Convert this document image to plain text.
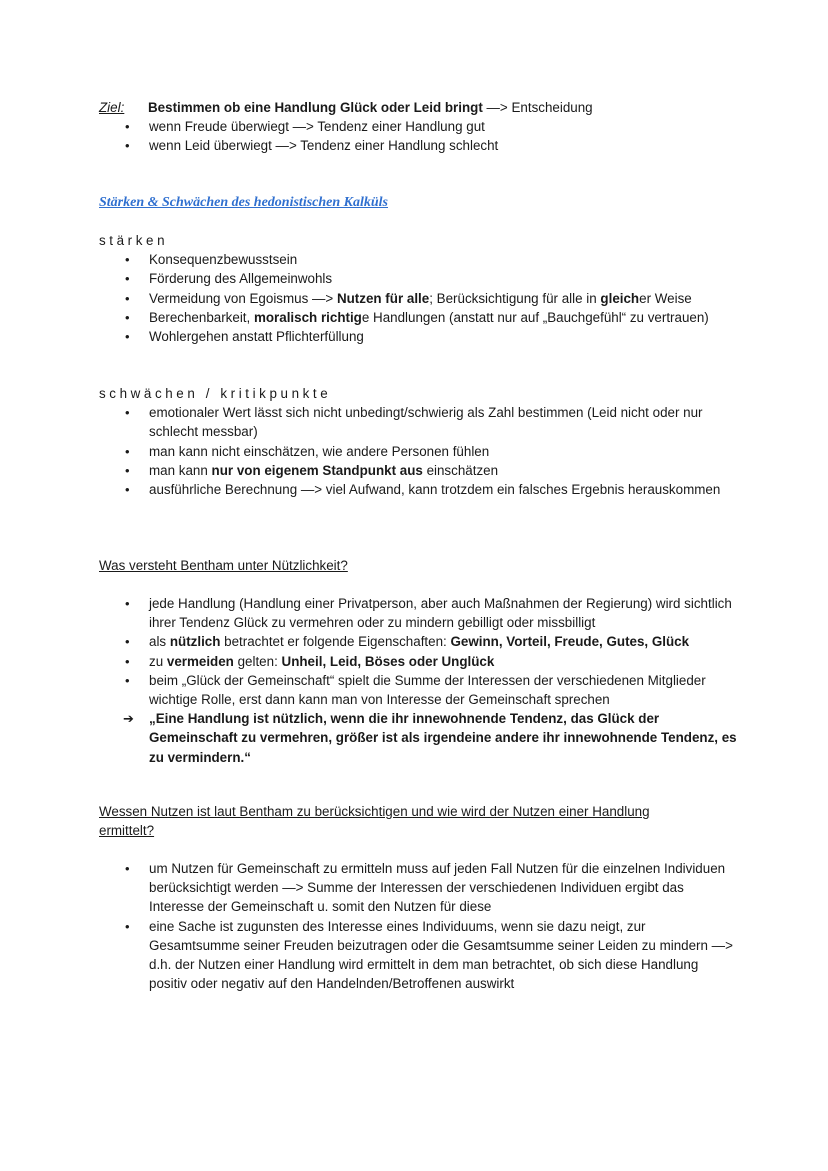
Ziel: Bestimmen ob eine Handlung Glück oder Leid bringt —> Entscheidung
• wenn Freude überwiegt —> Tendenz einer Handlung gut
• wenn Leid überwiegt —> Tendenz einer Handlung schlecht
Stärken & Schwächen des hedonistischen Kalküls
stärken
• Konsequenzbewusstsein
• Förderung des Allgemeinwohls
• Vermeidung von Egoismus —> Nutzen für alle; Berücksichtigung für alle in gleicher Weise
• Berechenbarkeit, moralisch richtige Handlungen (anstatt nur auf „Bauchgefühl“ zu vertrauen)
• Wohlergehen anstatt Pflichterfüllung
schwächen / kritikpunkte
• emotionaler Wert lässt sich nicht unbedingt/schwierig als Zahl bestimmen (Leid nicht oder nur schlecht messbar)
• man kann nicht einschätzen, wie andere Personen fühlen
• man kann nur von eigenem Standpunkt aus einschätzen
• ausführliche Berechnung —> viel Aufwand, kann trotzdem ein falsches Ergebnis herauskommen
Was versteht Bentham unter Nützlichkeit?
• jede Handlung (Handlung einer Privatperson, aber auch Maßnahmen der Regierung) wird sichtlich ihrer Tendenz Glück zu vermehren oder zu mindern gebilligt oder missbilligt
• als nützlich betrachtet er folgende Eigenschaften: Gewinn, Vorteil, Freude, Gutes, Glück
• zu vermeiden gelten: Unheil, Leid, Böses oder Unglück
• beim „Glück der Gemeinschaft“ spielt die Summe der Interessen der verschiedenen Mitglieder wichtige Rolle, erst dann kann man von Interesse der Gemeinschaft sprechen
➔ „Eine Handlung ist nützlich, wenn die ihr innewohnende Tendenz, das Glück der Gemeinschaft zu vermehren, größer ist als irgendeine andere ihr innewohnende Tendenz, es zu vermindern.“
Wessen Nutzen ist laut Bentham zu berücksichtigen und wie wird der Nutzen einer Handlung ermittelt?
• um Nutzen für Gemeinschaft zu ermitteln muss auf jeden Fall Nutzen für die einzelnen Individuen berücksichtigt werden —> Summe der Interessen der verschiedenen Individuen ergibt das Interesse der Gemeinschaft u. somit den Nutzen für diese
• eine Sache ist zugunsten des Interesse eines Individuums, wenn sie dazu neigt, zur Gesamtsumme seiner Freuden beizutragen oder die Gesamtsumme seiner Leiden zu mindern —> d.h. der Nutzen einer Handlung wird ermittelt in dem man betrachtet, ob sich diese Handlung positiv oder negativ auf den Handelnden/Betroffenen auswirkt
